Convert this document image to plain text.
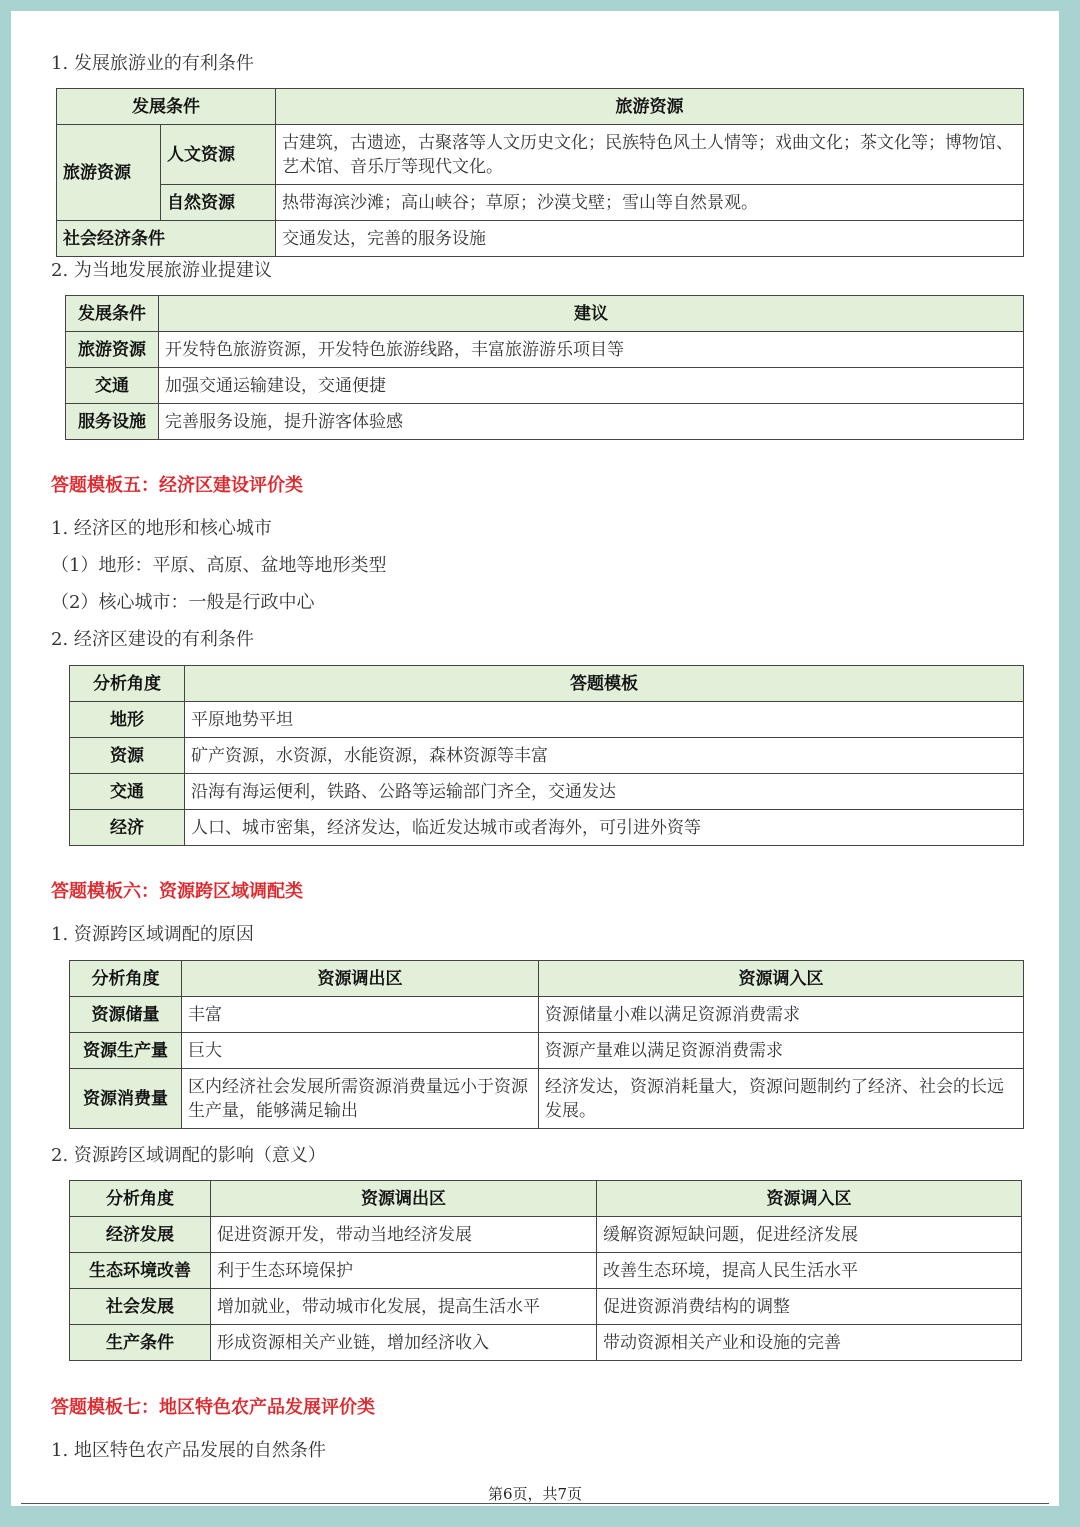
1. 发展旅游业的有利条件
发展条件		旅游资源
旅游资源	人文资源	古建筑，古遗迹，古聚落等人文历史文化；民族特色风土人情等；戏曲文化；茶文化等；博物馆、艺术馆、音乐厅等现代文化。
	自然资源	热带海滨沙滩；高山峡谷；草原；沙漠戈壁；雪山等自然景观。
社会经济条件		交通发达，完善的服务设施
2. 为当地发展旅游业提建议
发展条件	建议
旅游资源	开发特色旅游资源，开发特色旅游线路，丰富旅游游乐项目等
交通	加强交通运输建设，交通便捷
服务设施	完善服务设施，提升游客体验感
答题模板五：经济区建设评价类
1. 经济区的地形和核心城市
（1）地形：平原、高原、盆地等地形类型
（2）核心城市：一般是行政中心
2. 经济区建设的有利条件
分析角度	答题模板
地形	平原地势平坦
资源	矿产资源，水资源，水能资源，森林资源等丰富
交通	沿海有海运便利，铁路、公路等运输部门齐全，交通发达
经济	人口、城市密集，经济发达，临近发达城市或者海外，可引进外资等
答题模板六：资源跨区域调配类
1. 资源跨区域调配的原因
分析角度	资源调出区	资源调入区
资源储量	丰富	资源储量小难以满足资源消费需求
资源生产量	巨大	资源产量难以满足资源消费需求
资源消费量	区内经济社会发展所需资源消费量远小于资源生产量，能够满足输出	经济发达，资源消耗量大，资源问题制约了经济、社会的长远发展。
2. 资源跨区域调配的影响（意义）
分析角度	资源调出区	资源调入区
经济发展	促进资源开发，带动当地经济发展	缓解资源短缺问题，促进经济发展
生态环境改善	利于生态环境保护	改善生态环境，提高人民生活水平
社会发展	增加就业，带动城市化发展，提高生活水平	促进资源消费结构的调整
生产条件	形成资源相关产业链，增加经济收入	带动资源相关产业和设施的完善
答题模板七：地区特色农产品发展评价类
1. 地区特色农产品发展的自然条件
第6页，共7页
